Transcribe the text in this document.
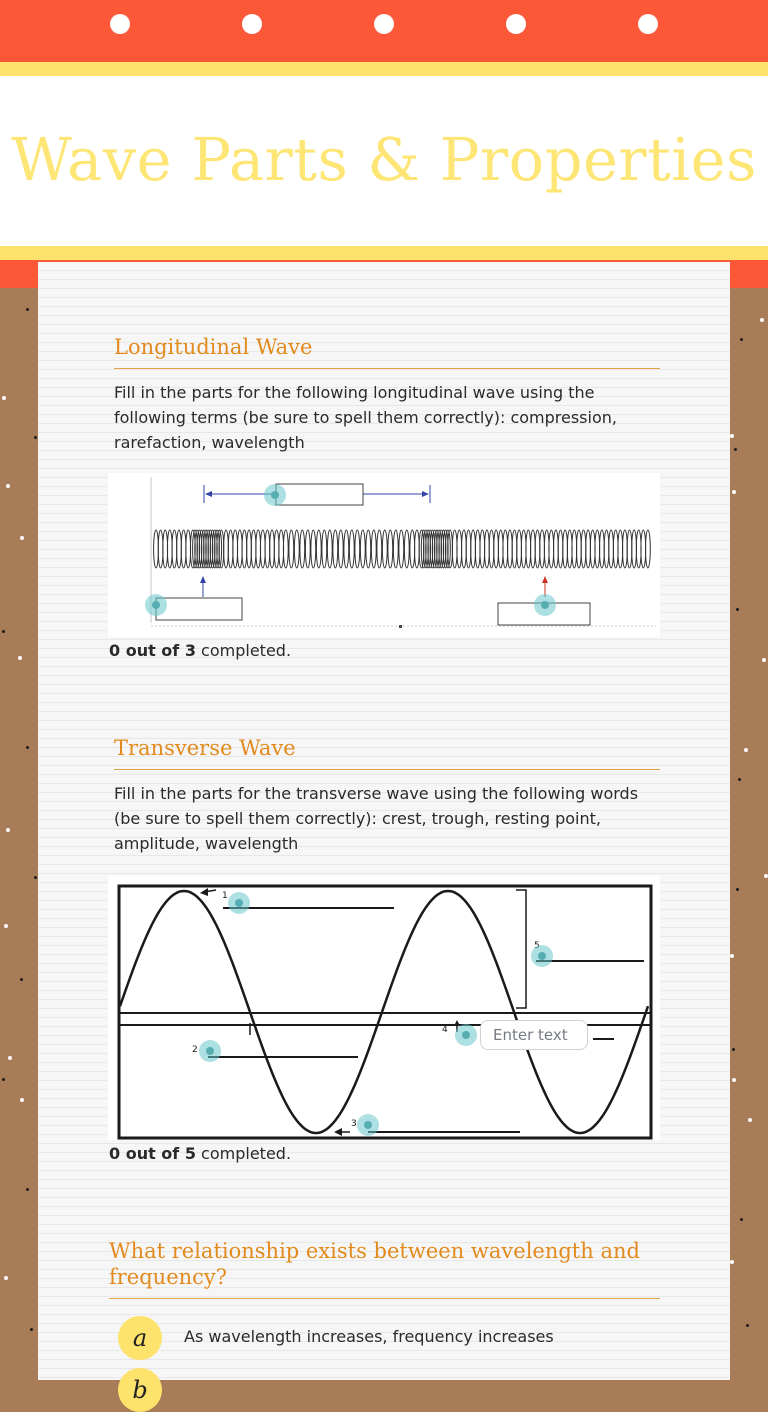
Wave Parts & Properties
Longitudinal Wave
Fill in the parts for the following longitudinal wave using the following terms (be sure to spell them correctly): compression, rarefaction, wavelength
0 out of 3 completed.
Transverse Wave
Fill in the parts for the transverse wave using the following words (be sure to spell them correctly): crest, trough, resting point, amplitude, wavelength
1
2
3
4	Enter text
0 out of 5 completed.
What relationship exists between wavelength and frequency?
a	As wavelength increases, frequency increases
b
